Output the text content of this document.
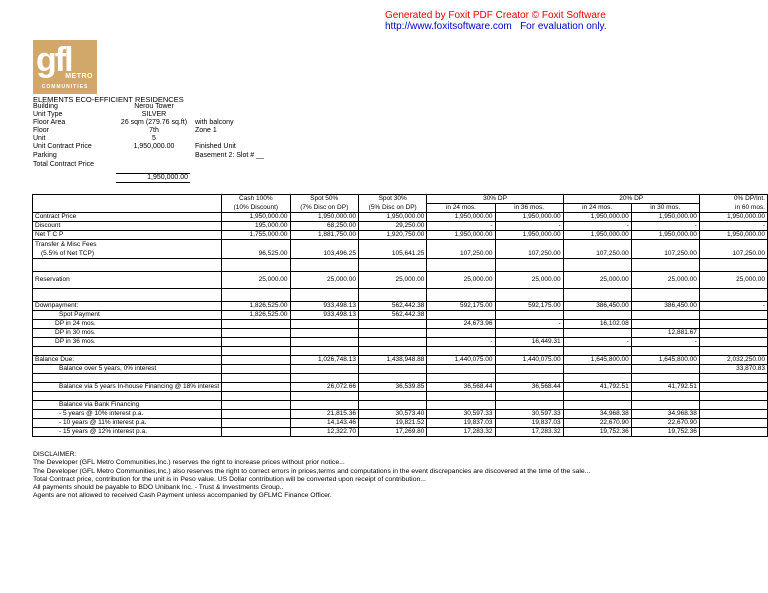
Generated by Foxit PDF Creator © Foxit Software
http://www.foxitsoftware.com For evaluation only.
gfl
METRO
COMMUNITIES
ELEMENTS ECO-EFFICIENT RESIDENCES
Building	Nerou Tower
Unit Type	SILVER
Floor Area	26 sqm (279.76 sq.ft)	with balcony
Floor	7th	Zone 1
Unit	5
Unit Contract Price	1,950,000.00	Finished Unit
Parking	Basement 2: Slot # __
Total Contract Price
1,950,000.00
	Cash 100%	Spot 50%	Spot 30%	30% DP		20% DP		0% DP/Int.
	(10% Discount)	(7% Disc on DP)	(5% Disc on DP)	in 24 mos.	in 36 mos.	in 24 mos.	in 30 mos.	in 60 mos.
Contract Price	1,950,000.00	1,950,000.00	1,950,000.00	1,950,000.00	1,950,000.00	1,950,000.00	1,950,000.00	1,950,000.00
Discount	195,000.00	68,250.00	29,250.00	-	-	-	-	-
Net T C P	1,755,000.00	1,881,750.00	1,920,750.00	1,950,000.00	1,950,000.00	1,950,000.00	1,950,000.00	1,950,000.00

Transfer & Misc Fees
(5.5% of Net TCP)	96,525.00	103,496.25	105,641.25	107,250.00	107,250.00	107,250.00	107,250.00	107,250.00

Reservation	25,000.00	25,000.00	25,000.00	25,000.00	25,000.00	25,000.00	25,000.00	25,000.00

Downpayment:	1,826,525.00	933,498.13	562,442.38	592,175.00	592,175.00	386,450.00	386,450.00	-
Spot Payment	1,826,525.00	933,498.13	562,442.38					
DP in 24 mos.				24,673.96	-	16,102.08		
DP in 30 mos.							12,881.67	
DP in 36 mos.				-	16,449.31	-	-	

Balance Due:		1,026,748.13	1,438,948.88	1,440,075.00	1,440,075.00	1,645,800.00	1,645,800.00	2,032,250.00
Balance over 5 years, 0% interest								33,870.83

Balance via 5 years In-house Financing @ 18% interest		26,072.66	36,539.85	36,568.44	36,568.44	41,792.51	41,792.51	

Balance via Bank Financing								
- 5 years @ 10% interest p.a.		21,815.36	30,573.40	30,597.33	30,597.33	34,968.38	34,968.38	
- 10 years @ 11% interest p.a.		14,143.46	19,821.52	19,837.03	19,837.03	22,670.90	22,670.90	
- 15 years @ 12% interest p.a.		12,322.70	17,269.80	17,283.32	17,283.32	19,752.36	19,752.36	
DISCLAIMER:
The Developer (GFL Metro Communities,Inc.) reserves the right to increase prices without prior notice...
The Developer (GFL Metro Communities,Inc.) also reserves the right to correct errors in prices,terms and computations in the event discrepancies are discovered at the time of the sale...
Total Contract price, contribution for the unit is in Peso value. US Dollar contribution will be converted upon receipt of contribution...
All payments should be payable to BDO Unibank Inc. - Trust & Investments Group..
Agents are not allowed to received Cash Payment unless accompanied by GFLMC Finance Officer.
